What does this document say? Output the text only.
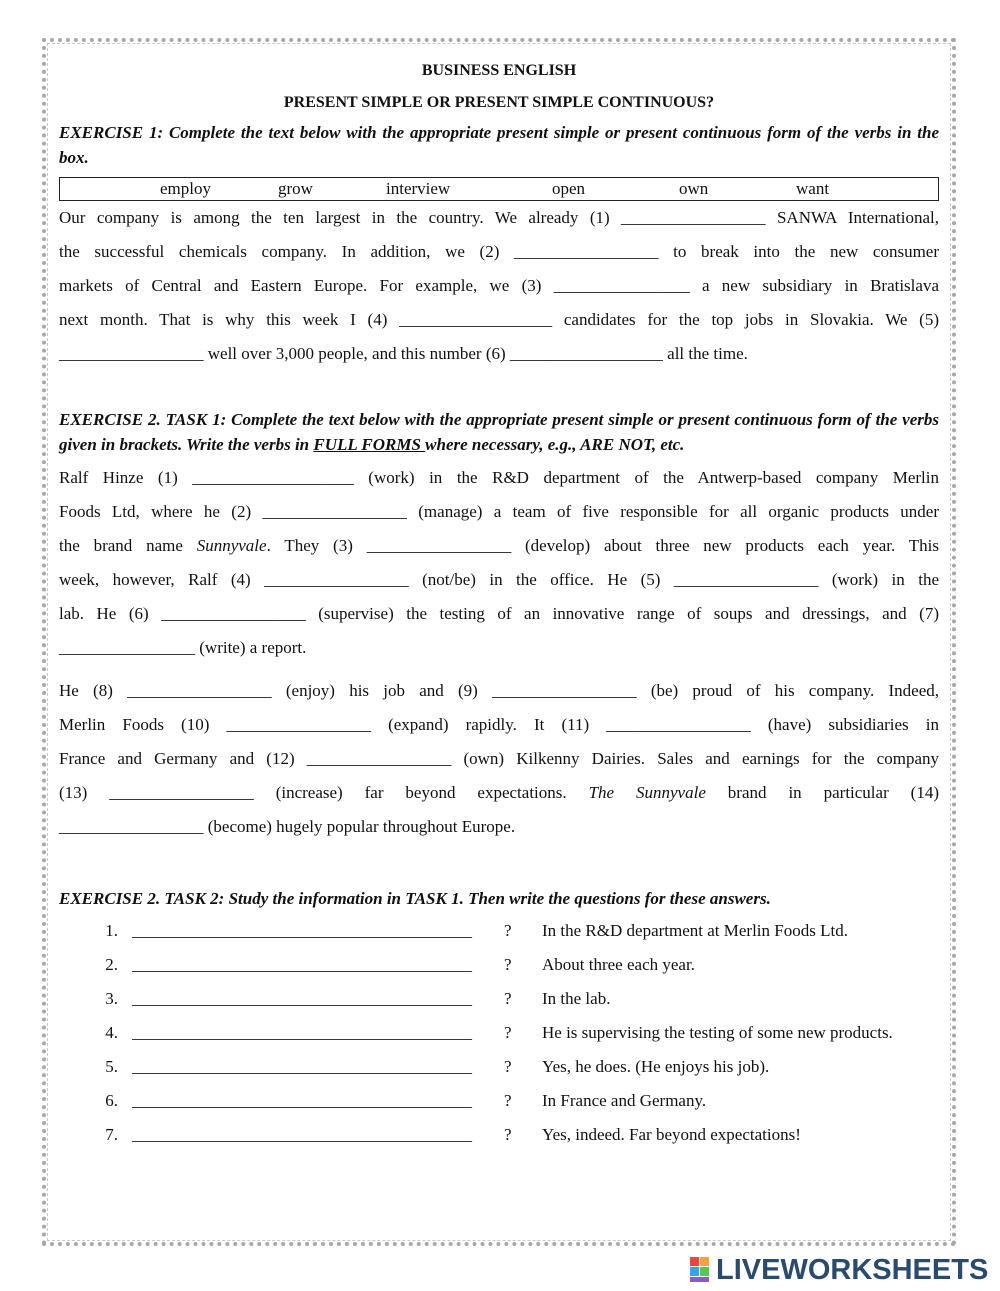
BUSINESS ENGLISH

PRESENT SIMPLE OR PRESENT SIMPLE CONTINUOUS?

EXERCISE 1: Complete the text below with the appropriate present simple or present continuous form of the verbs in the box.

employ	grow	interview	open	own	want

Our company is among the ten largest in the country. We already (1) _________________ SANWA International,

the successful chemicals company. In addition, we (2) _________________ to break into the new consumer

markets of Central and Eastern Europe. For example, we (3) ________________ a new subsidiary in Bratislava

next month. That is why this week I (4) __________________ candidates for the top jobs in Slovakia. We (5)

_________________ well over 3,000 people, and this number (6) __________________ all the time.

EXERCISE 2. TASK 1: Complete the text below with the appropriate present simple or present continuous form of the verbs given in brackets. Write the verbs in FULL FORMS where necessary, e.g., ARE NOT, etc.

Ralf Hinze (1) ___________________ (work) in the R&D department of the Antwerp-based company Merlin

Foods Ltd, where he (2) _________________ (manage) a team of five responsible for all organic products under

the brand name Sunnyvale. They (3) _________________ (develop) about three new products each year. This

week, however, Ralf (4) _________________ (not/be) in the office. He (5) _________________ (work) in the

lab. He (6) _________________ (supervise) the testing of an innovative range of soups and dressings, and (7)

________________ (write) a report.

He (8) _________________ (enjoy) his job and (9) _________________ (be) proud of his company. Indeed,

Merlin Foods (10) _________________ (expand) rapidly. It (11) _________________ (have) subsidiaries in

France and Germany and (12) _________________ (own) Kilkenny Dairies. Sales and earnings for the company

(13) _________________ (increase) far beyond expectations. The Sunnyvale brand in particular (14)

_________________ (become) hugely popular throughout Europe.

EXERCISE 2. TASK 2: Study the information in TASK 1. Then write the questions for these answers.

1. ________________________________________	?	In the R&D department at Merlin Foods Ltd.
2. ________________________________________	?	About three each year.
3. ________________________________________	?	In the lab.
4. ________________________________________	?	He is supervising the testing of some new products.
5. ________________________________________	?	Yes, he does. (He enjoys his job).
6. ________________________________________	?	In France and Germany.
7. ________________________________________	?	Yes, indeed. Far beyond expectations!
LIVEWORKSHEETS
